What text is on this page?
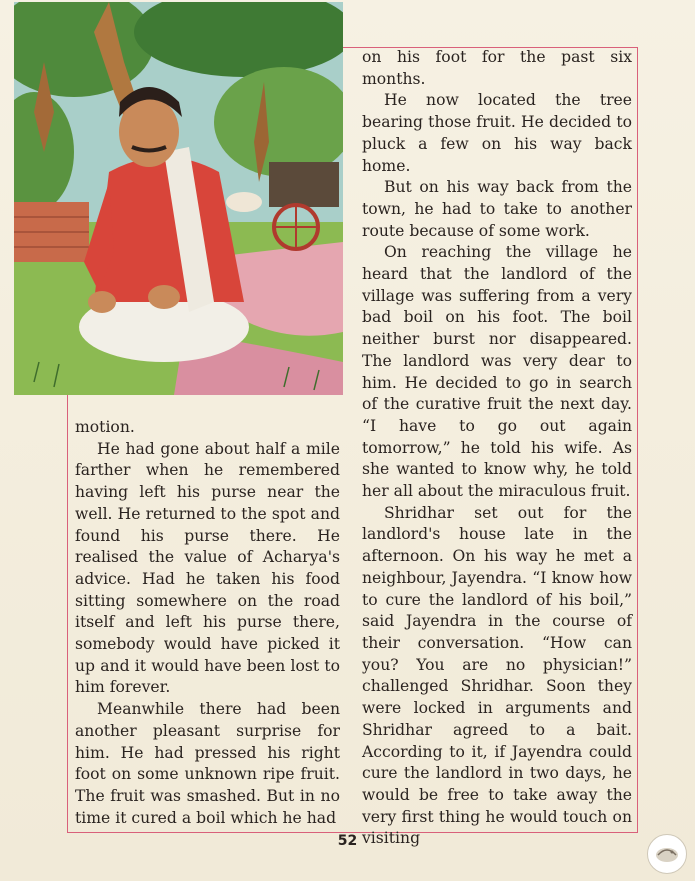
motion.

He had gone about half a mile farther when he remembered having left his purse near the well. He returned to the spot and found his purse there. He realised the value of Acharya's advice. Had he taken his food sitting somewhere on the road itself and left his purse there, somebody would have picked it up and it would have been lost to him forever.

Meanwhile there had been another pleasant surprise for him. He had pressed his right foot on some unknown ripe fruit. The fruit was smashed. But in no time it cured a boil which he had

on his foot for the past six months.

He now located the tree bearing those fruit. He decided to pluck a few on his way back home.

But on his way back from the town, he had to take to another route because of some work.

On reaching the village he heard that the landlord of the village was suffering from a very bad boil on his foot. The boil neither burst nor disappeared. The landlord was very dear to him. He decided to go in search of the curative fruit the next day. “I have to go out again tomorrow,” he told his wife. As she wanted to know why, he told her all about the miraculous fruit.

Shridhar set out for the landlord's house late in the afternoon. On his way he met a neighbour, Jayendra. “I know how to cure the landlord of his boil,” said Jayendra in the course of their conversation. “How can you? You are no physician!” challenged Shridhar. Soon they were locked in arguments and Shridhar agreed to a bait. According to it, if Jayendra could cure the landlord in two days, he would be free to take away the very first thing he would touch on visiting

52
